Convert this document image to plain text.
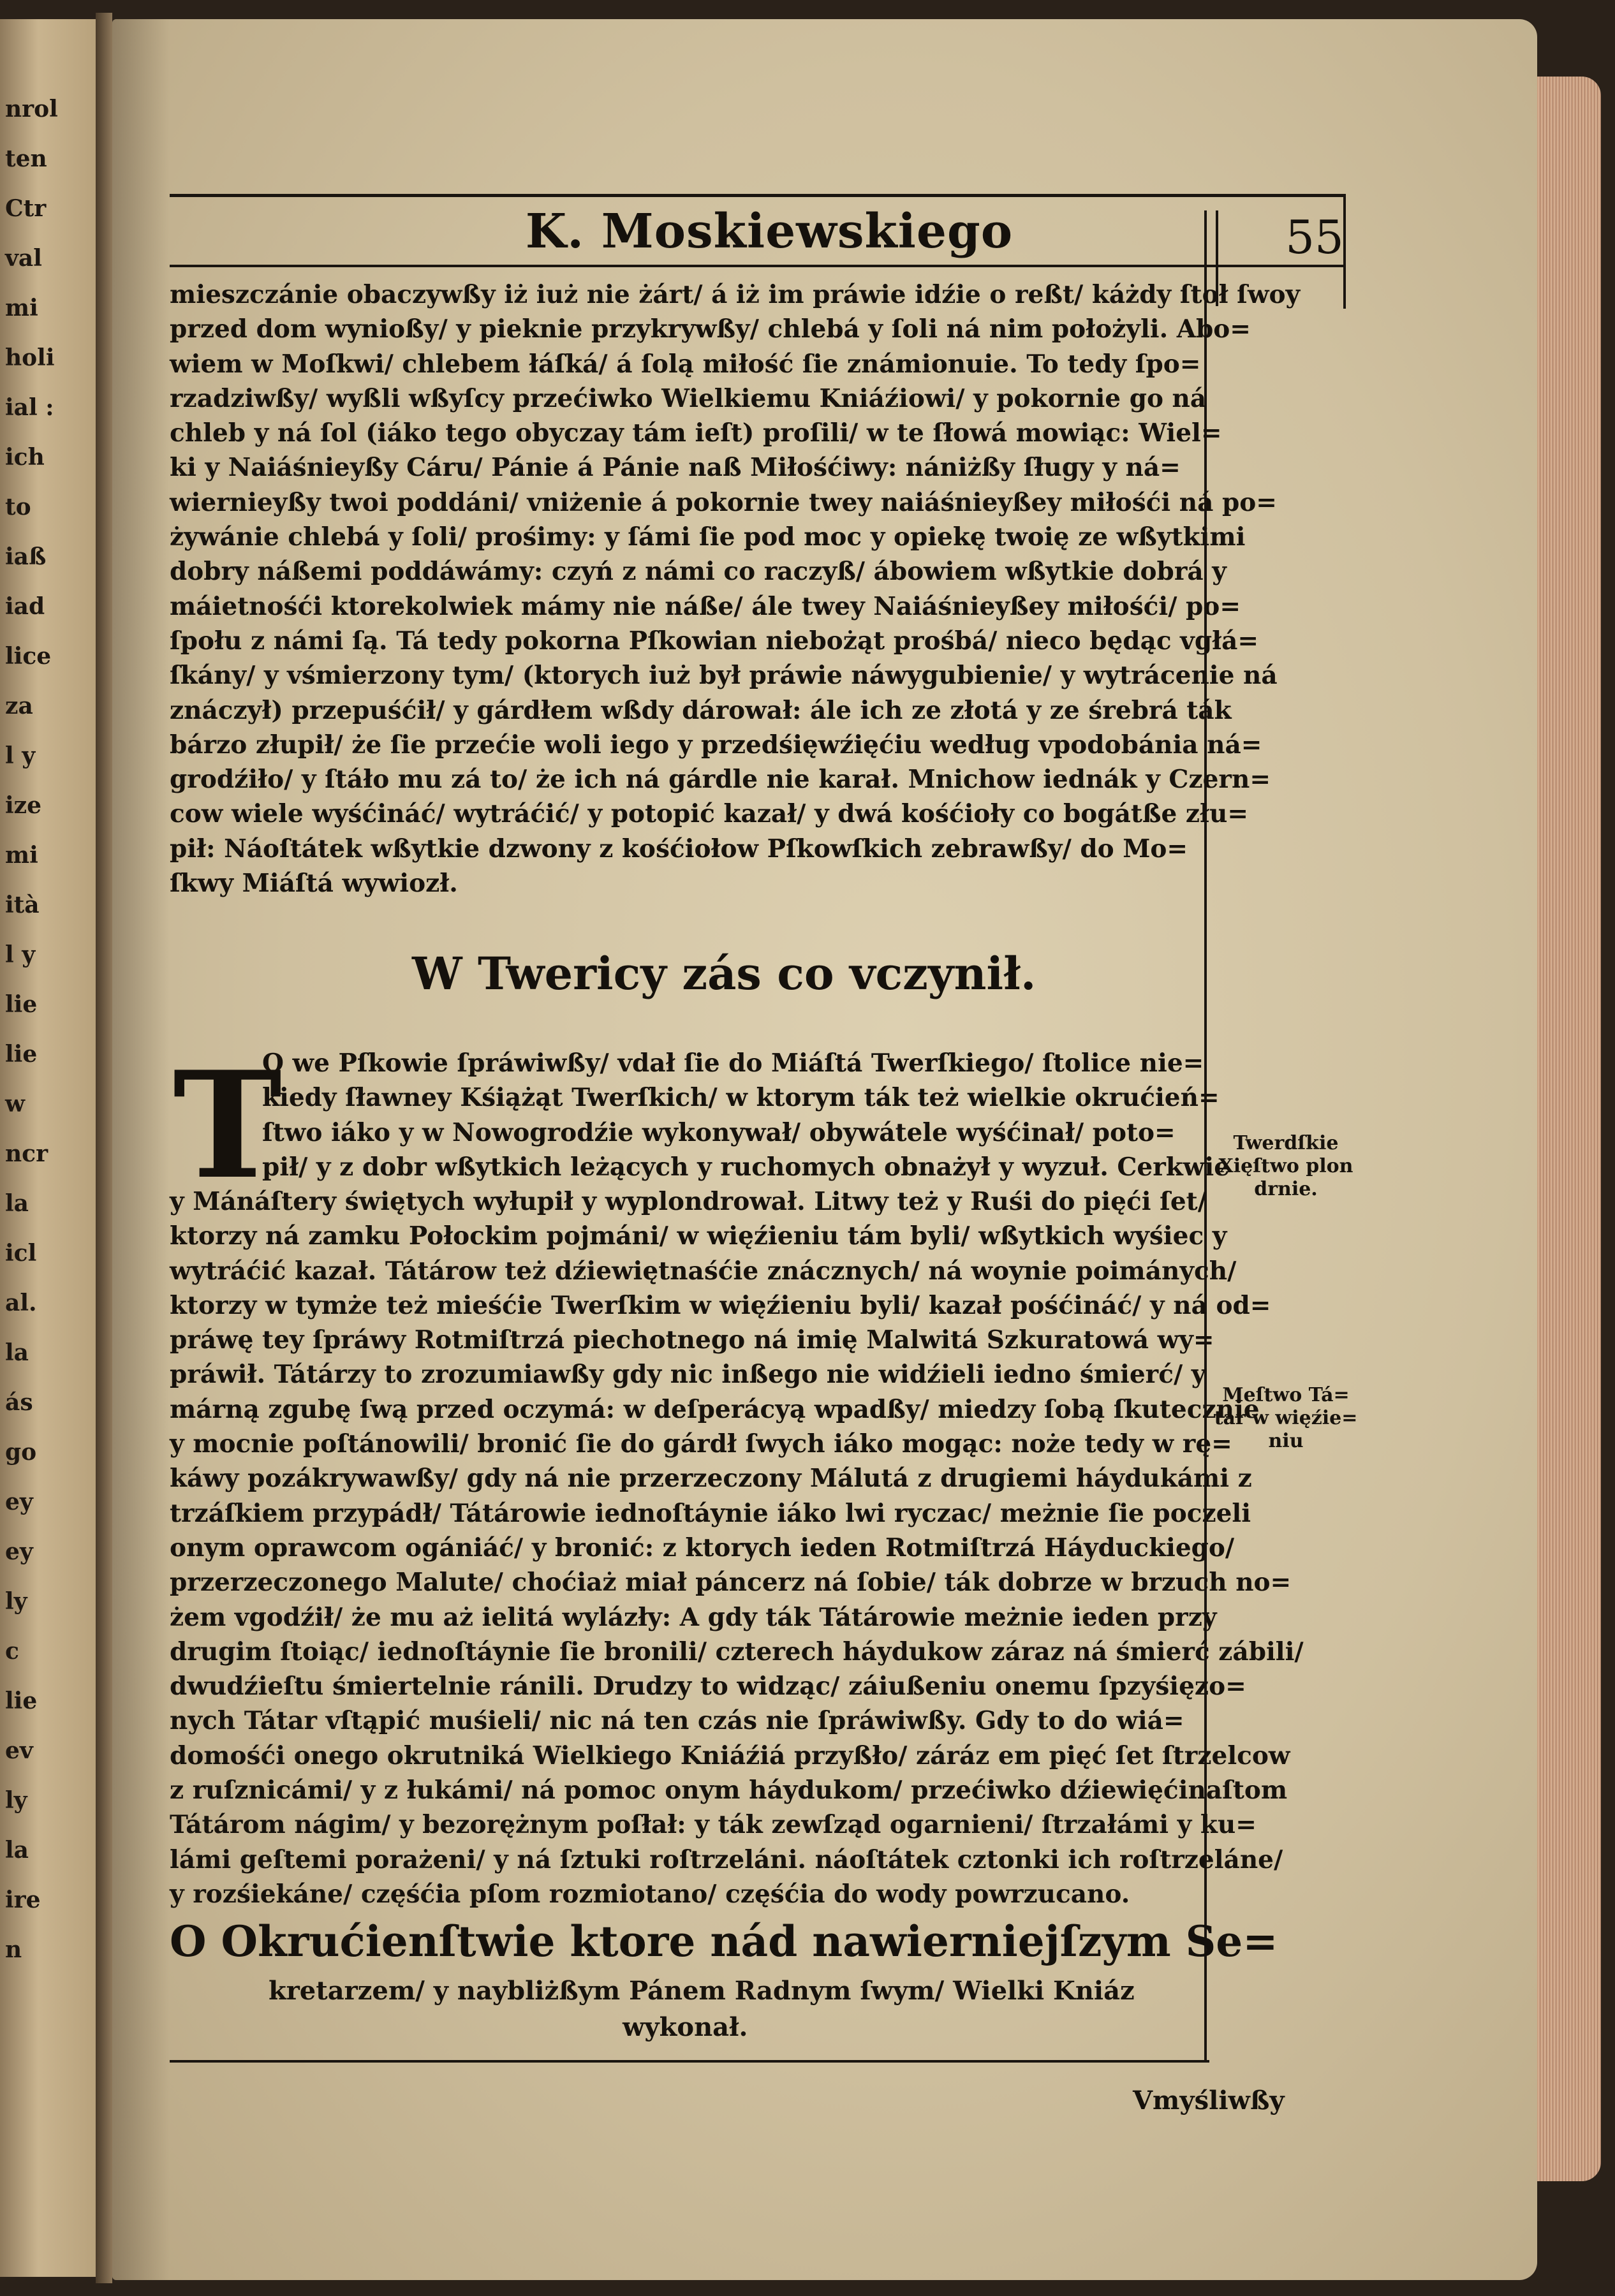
nrol
ten
Ctr
val
mi
holi
ial :
ich
to
iaß
iad
lice
za
l y
ize
mi
ità
l y
lie
lie
w
ncr
la
icl
al.
la
ás
go
ey
ey
ly
c
lie
ev
ly
la
ire
n
K. Moskiewskiego	55
mieszczánie obaczywßy iż iuż nie żárt/ á iż im práwie idźie o reßt/ káżdy ſtoł ſwoy
przed dom wynioßy/ y pieknie przykrywßy/ chlebá y ſoli ná nim położyli. Abo=
wiem w Moſkwi/ chlebem łáſká/ á ſolą miłość ſie známionuie. To tedy ſpo=
rzadziwßy/ wyßli wßyſcy przećiwko Wielkiemu Kniáźiowi/ y pokornie go ná
chleb y ná ſol (iáko tego obyczay tám ieſt) proſili/ w te ſłowá mowiąc: Wiel=
ki y Naiáśnieyßy Cáru/ Pánie á Pánie naß Miłośćiwy: nániżßy ſługy y ná=
wiernieyßy twoi poddáni/ vniżenie á pokornie twey naiáśnieyßey miłośći ná po=
żywánie chlebá y ſoli/ prośimy: y ſámi ſie pod moc y opiekę twoię ze wßytkimi
dobry náßemi poddáwámy: czyń z námi co raczyß/ ábowiem wßytkie dobrá y
máietnośći ktorekolwiek mámy nie náße/ ále twey Naiáśnieyßey miłośći/ po=
ſpołu z námi ſą. Tá tedy pokorna Pſkowian niebożąt prośbá/ nieco będąc vgłá=
ſkány/ y vśmierzony tym/ (ktorych iuż był práwie náwygubienie/ y wytrácenie ná
znáczył) przepuśćił/ y gárdłem wßdy dárował: ále ich ze złotá y ze śrebrá ták
bárzo złupił/ że ſie przećie woli iego y przedśięwźięćiu według vpodobánia ná=
grodźiło/ y ſtáło mu zá to/ że ich ná gárdle nie karał. Mnichow iednák y Czern=
cow wiele wyśćináć/ wytráćić/ y potopić kazał/ y dwá kośćioły co bogátße złu=
pił: Náoſtátek wßytkie dzwony z kośćiołow Pſkowſkich zebrawßy/ do Mo=
ſkwy Miáſtá wywiozł.
W Twericy zás co vczynił.
T
O we Pſkowie ſpráwiwßy/ vdał ſie do Miáſtá Twerſkiego/ ſtolice nie=
kiedy ſławney Kśiążąt Twerſkich/ w ktorym ták też wielkie okrućień=
ſtwo iáko y w Nowogrodźie wykonywał/ obywátele wyśćinał/ poto=
pił/ y z dobr wßytkich leżących y ruchomych obnażył y wyzuł. Cerkwie
y Mánáſtery świętych wyłupił y wyplondrował. Litwy też y Ruśi do pięći ſet/
ktorzy ná zamku Połockim pojmáni/ w więźieniu tám byli/ wßytkich wyśiec y
wytráćić kazał. Tátárow też dźiewiętnaśćie znácznych/ ná woynie poimánych/
ktorzy w tymże też mieśćie Twerſkim w więźieniu byli/ kazał pośćináć/ y ná od=
práwę tey ſpráwy Rotmiſtrzá piechotnego ná imię Malwitá Szkuratowá wy=
práwił. Tátárzy to zrozumiawßy gdy nic inßego nie widźieli iedno śmierć/ y
márną zgubę ſwą przed oczymá: w deſperácyą wpadßy/ miedzy ſobą ſkutecznie
y mocnie poſtánowili/ bronić ſie do gárdł ſwych iáko mogąc: noże tedy w rę=
káwy pozákrywawßy/ gdy ná nie przerzeczony Málutá z drugiemi háydukámi z
trzáſkiem przypádł/ Tátárowie iednoſtáynie iáko lwi ryczac/ meżnie ſie poczeli
onym oprawcom ogániáć/ y bronić: z ktorych ieden Rotmiſtrzá Háyduckiego/
przerzeczonego Malute/ choćiaż miał páncerz ná ſobie/ ták dobrze w brzuch no=
żem vgodźił/ że mu aż ielitá wylázły: A gdy ták Tátárowie meżnie ieden przy
drugim ſtoiąc/ iednoſtáynie ſie bronili/ czterech háydukow záraz ná śmierć zábili/
dwudźieſtu śmiertelnie ránili. Drudzy to widząc/ záiußeniu onemu ſpzyśięzo=
nych Tátar vſtąpić muśieli/ nic ná ten czás nie ſpráwiwßy. Gdy to do wiá=
domośći onego okrutniká Wielkiego Kniáźiá przyßło/ záráz em pięć ſet ſtrzelcow
z ruſznicámi/ y z łukámi/ ná pomoc onym háydukom/ przećiwko dźiewięćinaſtom
Tátárom nágim/ y bezorężnym poſłał: y ták zewſząd ogarnieni/ ſtrzałámi y ku=
lámi geſtemi porażeni/ y ná ſztuki roſtrzeláni. náoſtátek cztonki ich roſtrzeláne/
y rozśiekáne/ częśćia pſom rozmiotano/ częśćia do wody powrzucano.
O Okrućienſtwie ktore nád nawierniejſzym Se=
kretarzem/ y naybliżßym Pánem Radnym ſwym/ Wielki Kniáz
wykonał.
Twerdſkie
Xięſtwo plon
drnie.
Meſtwo Tá=
tár w więźie=
niu
Vmyśliwßy
